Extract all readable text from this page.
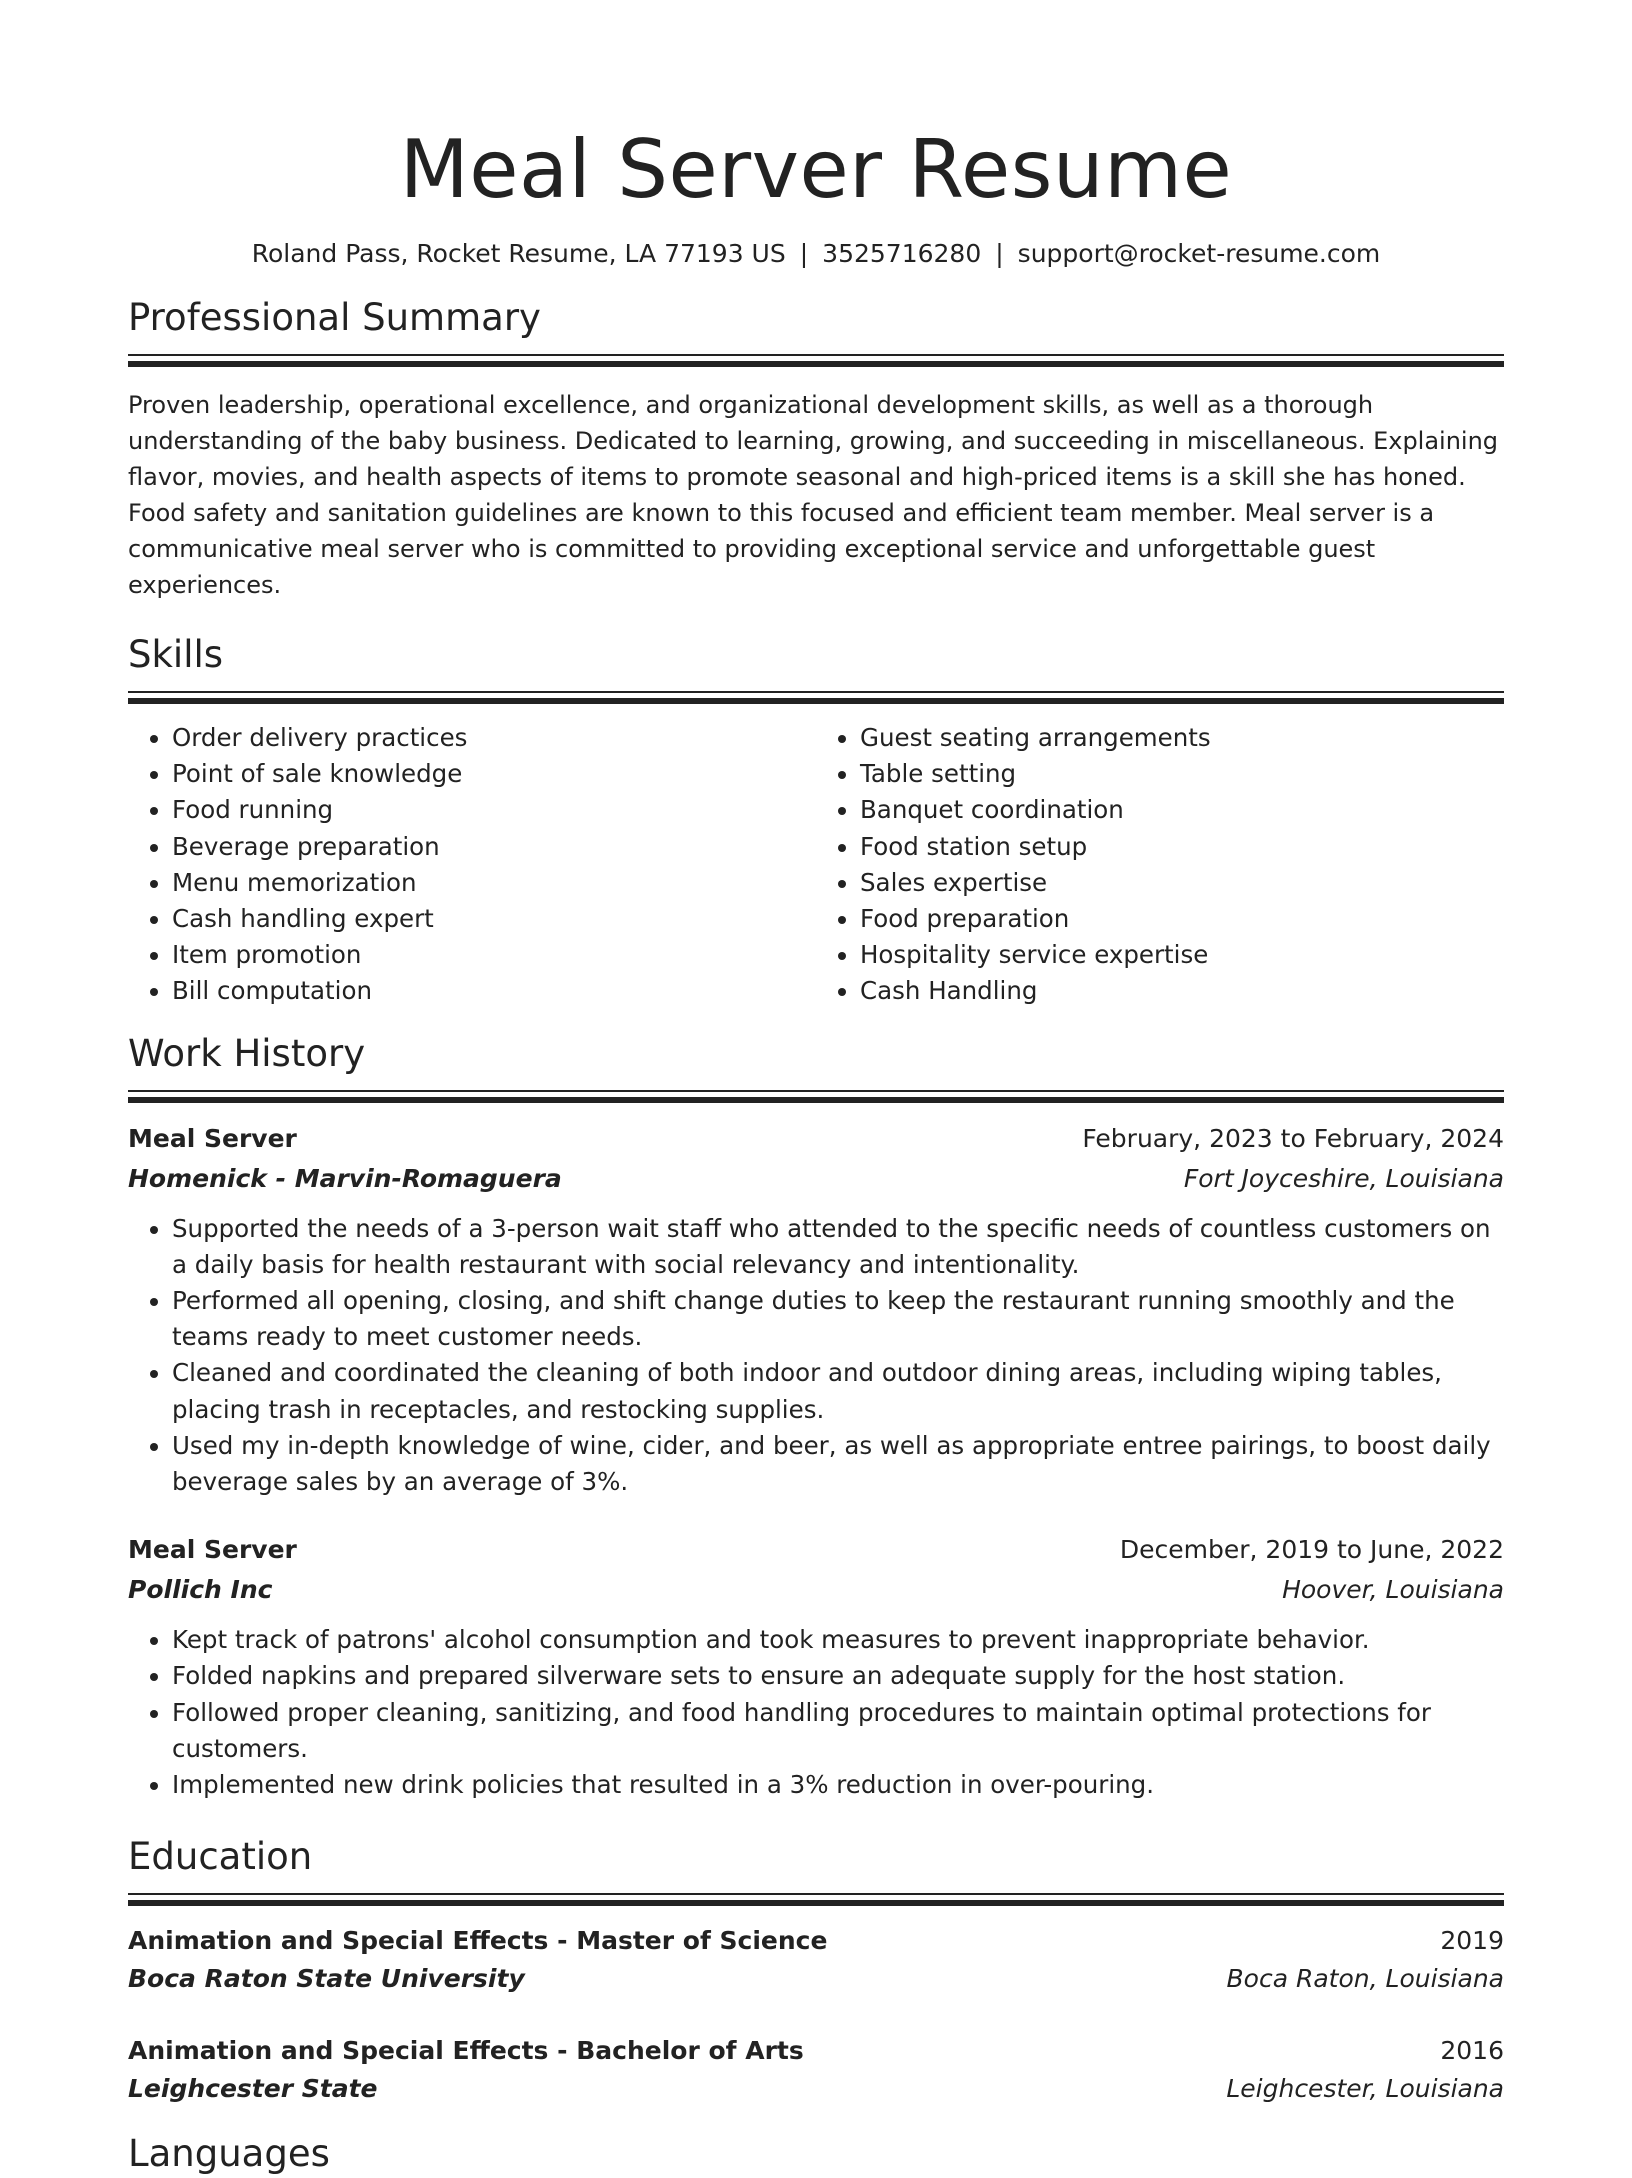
Meal Server Resume
Roland Pass, Rocket Resume, LA 77193 US | 3525716280 | support@rocket-resume.com
Professional Summary
Proven leadership, operational excellence, and organizational development skills, as well as a thorough understanding of the baby business. Dedicated to learning, growing, and succeeding in miscellaneous. Explaining flavor, movies, and health aspects of items to promote seasonal and high-priced items is a skill she has honed. Food safety and sanitation guidelines are known to this focused and efficient team member. Meal server is a communicative meal server who is committed to providing exceptional service and unforgettable guest experiences.
Skills
• Order delivery practices
• Point of sale knowledge
• Food running
• Beverage preparation
• Menu memorization
• Cash handling expert
• Item promotion
• Bill computation
• Guest seating arrangements
• Table setting
• Banquet coordination
• Food station setup
• Sales expertise
• Food preparation
• Hospitality service expertise
• Cash Handling
Work History
Meal Server	February, 2023 to February, 2024
Homenick - Marvin-Romaguera	Fort Joyceshire, Louisiana
• Supported the needs of a 3-person wait staff who attended to the specific needs of countless customers on a daily basis for health restaurant with social relevancy and intentionality.
• Performed all opening, closing, and shift change duties to keep the restaurant running smoothly and the teams ready to meet customer needs.
• Cleaned and coordinated the cleaning of both indoor and outdoor dining areas, including wiping tables, placing trash in receptacles, and restocking supplies.
• Used my in-depth knowledge of wine, cider, and beer, as well as appropriate entree pairings, to boost daily beverage sales by an average of 3%.
Meal Server	December, 2019 to June, 2022
Pollich Inc	Hoover, Louisiana
• Kept track of patrons' alcohol consumption and took measures to prevent inappropriate behavior.
• Folded napkins and prepared silverware sets to ensure an adequate supply for the host station.
• Followed proper cleaning, sanitizing, and food handling procedures to maintain optimal protections for customers.
• Implemented new drink policies that resulted in a 3% reduction in over-pouring.
Education
Animation and Special Effects - Master of Science	2019
Boca Raton State University	Boca Raton, Louisiana
Animation and Special Effects - Bachelor of Arts	2016
Leighcester State	Leighcester, Louisiana
Languages
